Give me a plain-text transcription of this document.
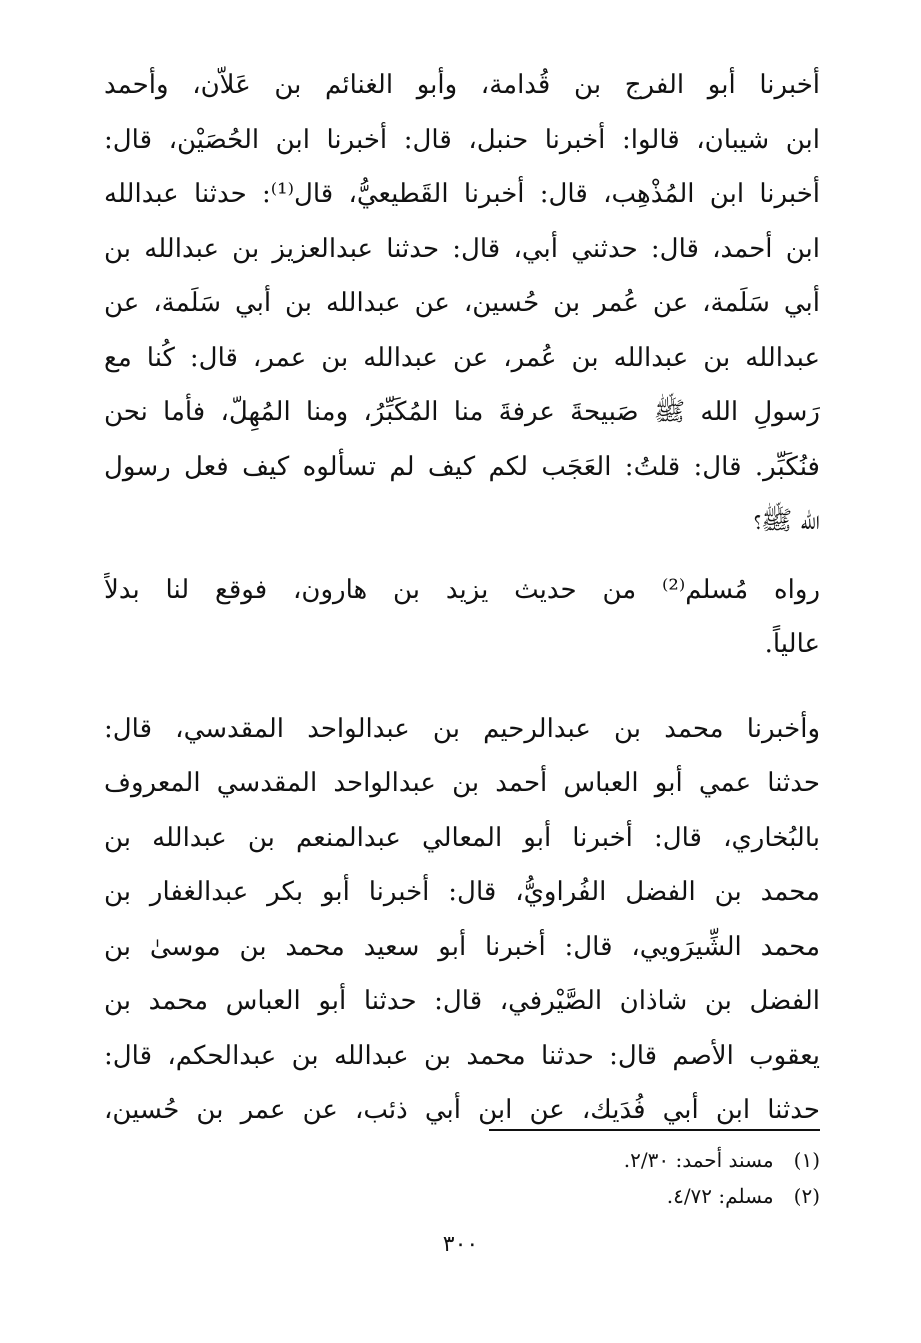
أخبرنا أبو الفرج بن قُدامة، وأبو الغنائم بن عَلاّن، وأحمد
ابن شيبان، قالوا: أخبرنا حنبل، قال: أخبرنا ابن الحُصَيْن، قال:
أخبرنا ابن المُذْهِب، قال: أخبرنا القَطيعيُّ، قال⁽¹⁾: حدثنا عبدالله
ابن أحمد، قال: حدثني أبي، قال: حدثنا عبدالعزيز بن عبدالله بن
أبي سَلَمة، عن عُمر بن حُسين، عن عبدالله بن أبي سَلَمة، عن
عبدالله بن عبدالله بن عُمر، عن عبدالله بن عمر، قال: كُنا مع
رَسولِ الله ﷺ صَبيحةَ عرفةَ منا المُكَبِّرُ، ومنا المُهِلّ، فأما نحن
فنُكَبِّر. قال: قلتُ: العَجَب لكم كيف لم تسألوه كيف فعل رسول
الله ﷺ؟
رواه مُسلم⁽²⁾ من حديث يزيد بن هارون، فوقع لنا بدلاً
عالياً.
وأخبرنا محمد بن عبدالرحيم بن عبدالواحد المقدسي، قال:
حدثنا عمي أبو العباس أحمد بن عبدالواحد المقدسي المعروف
بالبُخاري، قال: أخبرنا أبو المعالي عبدالمنعم بن عبدالله بن
محمد بن الفضل الفُراويُّ، قال: أخبرنا أبو بكر عبدالغفار بن
محمد الشِّيرَويي، قال: أخبرنا أبو سعيد محمد بن موسىٰ بن
الفضل بن شاذان الصَّيْرفي، قال: حدثنا أبو العباس محمد بن
يعقوب الأصم قال: حدثنا محمد بن عبدالله بن عبدالحكم، قال:
حدثنا ابن أبي فُدَيك، عن ابن أبي ذئب، عن عمر بن حُسين،
(١) مسند أحمد: ٢/٣٠.
(٢) مسلم: ٤/٧٢.
٣٠٠
